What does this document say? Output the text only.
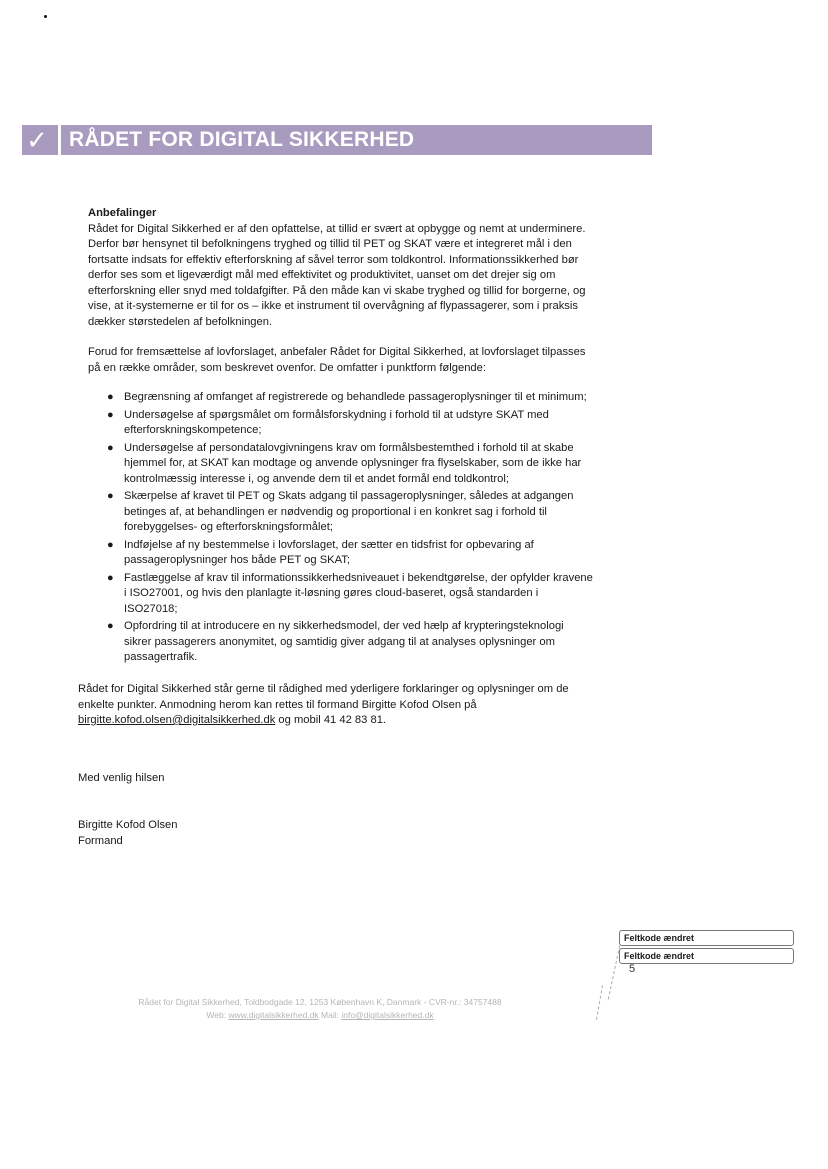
✓ RÅDET FOR DIGITAL SIKKERHED
Anbefalinger
Rådet for Digital Sikkerhed er af den opfattelse, at tillid er svært at opbygge og nemt at underminere. Derfor bør hensynet til befolkningens tryghed og tillid til PET og SKAT være et integreret mål i den fortsatte indsats for effektiv efterforskning af såvel terror som toldkontrol. Informationssikkerhed bør derfor ses som et ligeværdigt mål med effektivitet og produktivitet, uanset om det drejer sig om efterforskning eller snyd med toldafgifter. På den måde kan vi skabe tryghed og tillid for borgerne, og vise, at it-systemerne er til for os – ikke et instrument til overvågning af flypassagerer, som i praksis dækker størstedelen af befolkningen.
Forud for fremsættelse af lovforslaget, anbefaler Rådet for Digital Sikkerhed, at lovforslaget tilpasses på en række områder, som beskrevet ovenfor. De omfatter i punktform følgende:
● Begrænsning af omfanget af registrerede og behandlede passageroplysninger til et minimum;
● Undersøgelse af spørgsmålet om formålsforskydning i forhold til at udstyre SKAT med efterforskningskompetence;
● Undersøgelse af persondatalovgivningens krav om formålsbestemthed i forhold til at skabe hjemmel for, at SKAT kan modtage og anvende oplysninger fra flyselskaber, som de ikke har kontrolmæssig interesse i, og anvende dem til et andet formål end toldkontrol;
● Skærpelse af kravet til PET og Skats adgang til passageroplysninger, således at adgangen betinges af, at behandlingen er nødvendig og proportional i en konkret sag i forhold til forebyggelses- og efterforskningsformålet;
● Indføjelse af ny bestemmelse i lovforslaget, der sætter en tidsfrist for opbevaring af passageroplysninger hos både PET og SKAT;
● Fastlæggelse af krav til informationssikkerhedsniveauet i bekendtgørelse, der opfylder kravene i ISO27001, og hvis den planlagte it-løsning gøres cloud-baseret, også standarden i ISO27018;
● Opfordring til at introducere en ny sikkerhedsmodel, der ved hælp af krypteringsteknologi sikrer passagerers anonymitet, og samtidig giver adgang til at analyses oplysninger om passagertrafik.
Rådet for Digital Sikkerhed står gerne til rådighed med yderligere forklaringer og oplysninger om de enkelte punkter. Anmodning herom kan rettes til formand Birgitte Kofod Olsen på birgitte.kofod.olsen@digitalsikkerhed.dk og mobil 41 42 83 81.
Med venlig hilsen
Birgitte Kofod Olsen
Formand
Feltkode ændret
Feltkode ændret
5
Rådet for Digital Sikkerhed, Toldbodgade 12, 1253 København K, Danmark - CVR-nr.: 34757488
Web: www.digitalsikkerhed.dk Mail: info@digitalsikkerhed.dk
